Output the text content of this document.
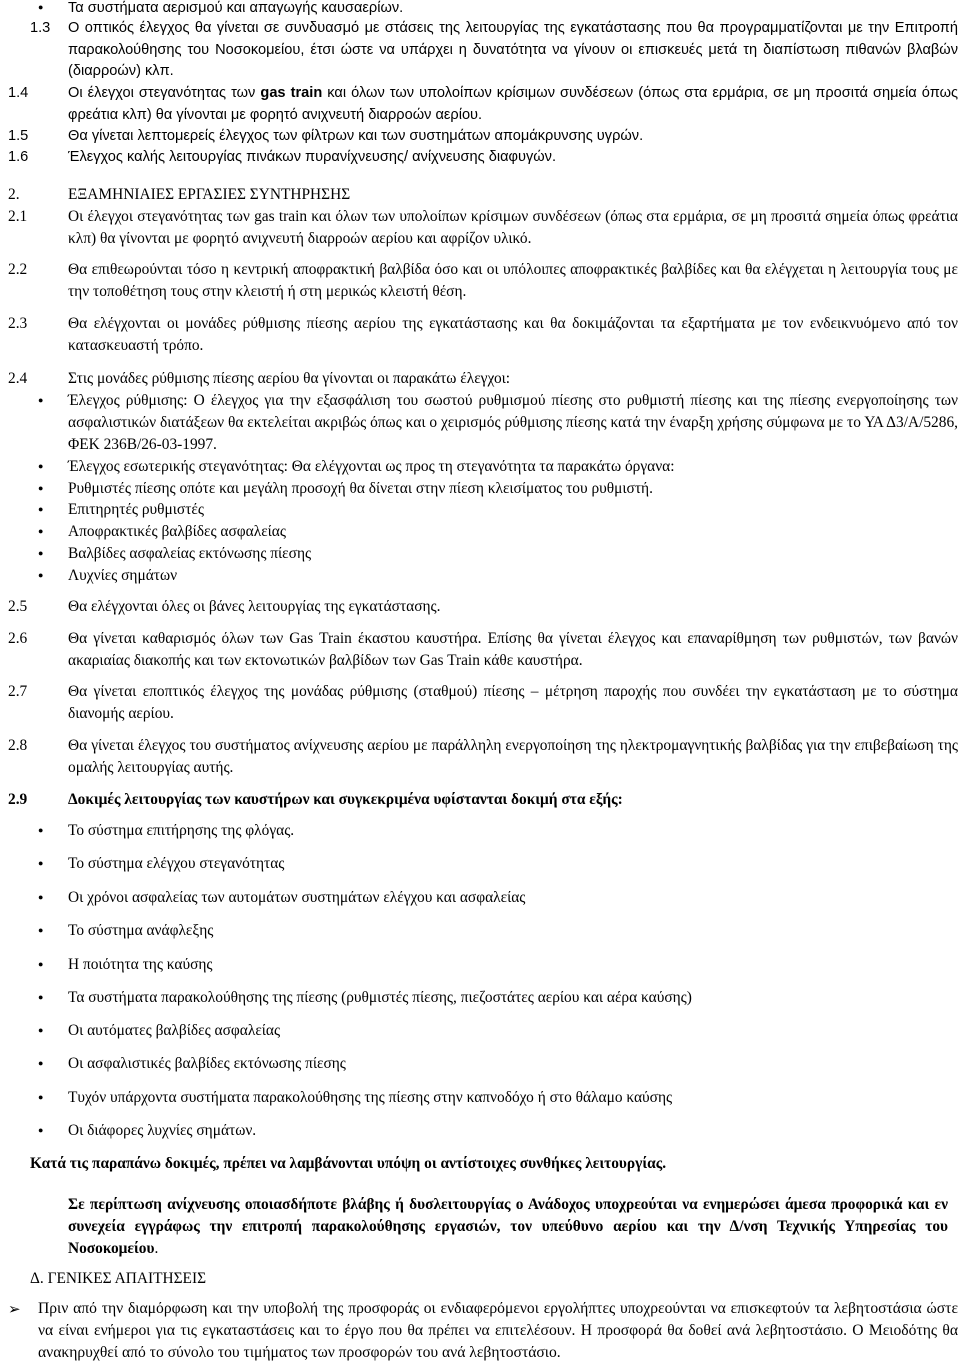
●
Τα συστήματα αερισμού και απαγωγής καυσαερίων.
1.3	Ο οπτικός έλεγχος θα γίνεται σε συνδυασμό με στάσεις της λειτουργίας της εγκατάστασης που θα προγραμματίζονται με την Επιτροπή παρακολούθησης του Νοσοκομείου, έτσι ώστε να υπάρχει η δυνατότητα να γίνουν οι επισκευές μετά τη διαπίστωση πιθανών βλαβών (διαρροών) κλπ.
1.4	Οι έλεγχοι στεγανότητας των gas train και όλων των υπολοίπων κρίσιμων συνδέσεων (όπως στα ερμάρια, σε μη προσιτά σημεία όπως φρεάτια κλπ) θα γίνονται με φορητό ανιχνευτή διαρροών αερίου.
1.5	Θα γίνεται λεπτομερείς έλεγχος των φίλτρων και των συστημάτων απομάκρυνσης υγρών.
1.6	Έλεγχος καλής λειτουργίας πινάκων πυρανίχνευσης/ ανίχνευσης διαφυγών.
2.	ΕΞΑΜΗΝΙΑΙΕΣ ΕΡΓΑΣΙΕΣ ΣΥΝΤΗΡΗΣΗΣ
2.1	Οι έλεγχοι στεγανότητας των gas train και όλων των υπολοίπων κρίσιμων συνδέσεων (όπως στα ερμάρια, σε μη προσιτά σημεία όπως φρεάτια κλπ) θα γίνονται με φορητό ανιχνευτή διαρροών αερίου και αφρίζον υλικό.
2.2	Θα επιθεωρούνται τόσο η κεντρική αποφρακτική βαλβίδα όσο και οι υπόλοιπες αποφρακτικές βαλβίδες και θα ελέγχεται η λειτουργία τους με την τοποθέτηση τους στην κλειστή ή στη μερικώς κλειστή θέση.
2.3	Θα ελέγχονται οι μονάδες ρύθμισης πίεσης αερίου της εγκατάστασης και θα δοκιμάζονται τα εξαρτήματα με τον ενδεικνυόμενο από τον κατασκευαστή τρόπο.
2.4	Στις μονάδες ρύθμισης πίεσης αερίου θα γίνονται οι παρακάτω έλεγχοι:
●
Έλεγχος ρύθμισης: Ο έλεγχος για την εξασφάλιση του σωστού ρυθμισμού πίεσης στο ρυθμιστή πίεσης και της πίεσης ενεργοποίησης των ασφαλιστικών διατάξεων θα εκτελείται ακριβώς όπως και ο χειρισμός ρύθμισης πίεσης κατά την έναρξη χρήσης σύμφωνα με το ΥΑ Δ3/Α/5286, ΦΕΚ 236Β/26-03-1997.
●
Έλεγχος εσωτερικής στεγανότητας: Θα ελέγχονται ως προς τη στεγανότητα τα παρακάτω όργανα:
●
Ρυθμιστές πίεσης οπότε και μεγάλη προσοχή θα δίνεται στην πίεση κλεισίματος του ρυθμιστή.
●
Επιτηρητές ρυθμιστές
●
Αποφρακτικές βαλβίδες ασφαλείας
●
Βαλβίδες ασφαλείας εκτόνωσης πίεσης
●
Λυχνίες σημάτων
2.5	Θα ελέγχονται όλες οι βάνες λειτουργίας της εγκατάστασης.
2.6	Θα γίνεται καθαρισμός όλων των Gas Train έκαστου καυστήρα. Επίσης θα γίνεται έλεγχος και επαναρίθμηση των ρυθμιστών, των βανών ακαριαίας διακοπής και των εκτονωτικών βαλβίδων των Gas Train κάθε καυστήρα.
2.7	Θα γίνεται εποπτικός έλεγχος της μονάδας ρύθμισης (σταθμού) πίεσης – μέτρηση παροχής που συνδέει την εγκατάσταση με το σύστημα διανομής αερίου.
2.8	Θα γίνεται έλεγχος του συστήματος ανίχνευσης αερίου με παράλληλη ενεργοποίηση της ηλεκτρομαγνητικής βαλβίδας για την επιβεβαίωση της ομαλής λειτουργίας αυτής.
2.9	Δοκιμές λειτουργίας των καυστήρων και συγκεκριμένα υφίστανται δοκιμή στα εξής:
●
Το σύστημα επιτήρησης της φλόγας.
●
Το σύστημα ελέγχου στεγανότητας
●
Οι χρόνοι ασφαλείας των αυτομάτων συστημάτων ελέγχου και ασφαλείας
●
Το σύστημα ανάφλεξης
●
Η ποιότητα της καύσης
●
Τα συστήματα παρακολούθησης της πίεσης (ρυθμιστές πίεσης, πιεζοστάτες αερίου και αέρα καύσης)
●
Οι αυτόματες βαλβίδες ασφαλείας
●
Οι ασφαλιστικές βαλβίδες εκτόνωσης πίεσης
●
Τυχόν υπάρχοντα συστήματα παρακολούθησης της πίεσης στην καπνοδόχο ή στο θάλαμο καύσης
●
Οι διάφορες λυχνίες σημάτων.
Κατά τις παραπάνω δοκιμές, πρέπει να λαμβάνονται υπόψη οι αντίστοιχες συνθήκες λειτουργίας.
Σε περίπτωση ανίχνευσης οποιασδήποτε βλάβης ή δυσλειτουργίας ο Ανάδοχος υποχρεούται να ενημερώσει άμεσα προφορικά και εν συνεχεία εγγράφως την επιτροπή παρακολούθησης εργασιών, τον υπεύθυνο αερίου και την Δ/νση Τεχνικής Υπηρεσίας του Νοσοκομείου.
Δ. ΓΕΝΙΚΕΣ ΑΠΑΙΤΗΣΕΙΣ
➢	Πριν από την διαμόρφωση και την υποβολή της προσφοράς οι ενδιαφερόμενοι εργολήπτες υποχρεούνται να επισκεφτούν τα λεβητοστάσια ώστε να είναι ενήμεροι για τις εγκαταστάσεις και το έργο που θα πρέπει να επιτελέσουν. Η προσφορά θα δοθεί ανά λεβητοστάσιο. Ο Μειοδότης θα ανακηρυχθεί από το σύνολο του τιμήματος των προσφορών του ανά λεβητοστάσιο.
